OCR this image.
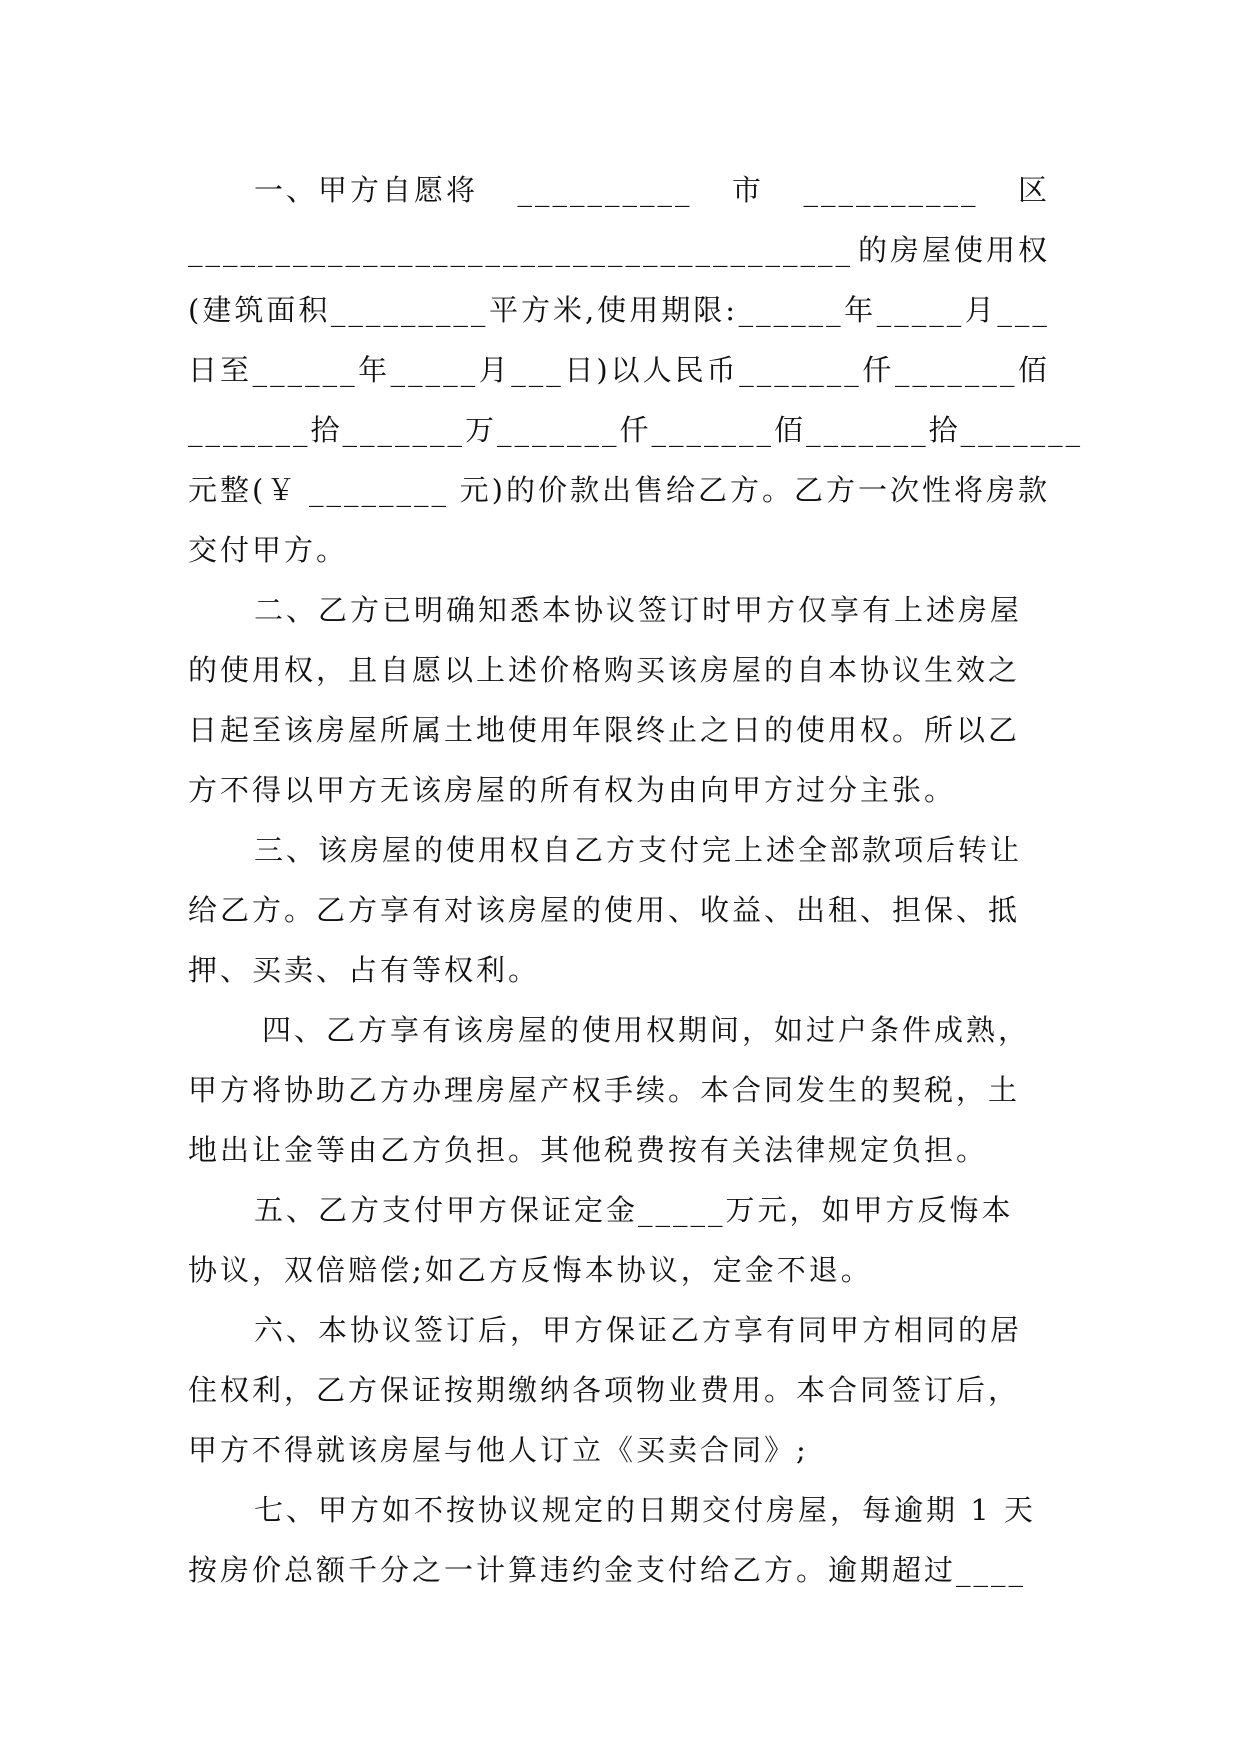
一、甲方自愿将 __________ 市 __________ 区
______________________________________ 的房屋使用权
(建筑面积 _________ 平方米,使用期限: ______ 年 _____ 月 ___
日至 ______ 年 _____ 月 ___ 日)以人民币 _______ 仟 _______ 佰
_______ 拾 _______ 万 _______ 仟 _______ 佰 _______ 拾 _______
元整(￥ ________ 元)的价款出售给乙方。乙方一次性将房款
交付甲方。
二、乙方已明确知悉本协议签订时甲方仅享有上述房屋
的使用权，且自愿以上述价格购买该房屋的自本协议生效之
日起至该房屋所属土地使用年限终止之日的使用权。所以乙
方不得以甲方无该房屋的所有权为由向甲方过分主张。
三、该房屋的使用权自乙方支付完上述全部款项后转让
给乙方。乙方享有对该房屋的使用、收益、出租、担保、抵
押、买卖、占有等权利。
四、乙方享有该房屋的使用权期间，如过户条件成熟，
甲方将协助乙方办理房屋产权手续。本合同发生的契税，土
地出让金等由乙方负担。其他税费按有关法律规定负担。
五、乙方支付甲方保证定金_____万元，如甲方反悔本
协议，双倍赔偿;如乙方反悔本协议，定金不退。
六、本协议签订后，甲方保证乙方享有同甲方相同的居
住权利，乙方保证按期缴纳各项物业费用。本合同签订后，
甲方不得就该房屋与他人订立《买卖合同》;
七、甲方如不按协议规定的日期交付房屋，每逾期 1 天
按房价总额千分之一计算违约金支付给乙方。逾期超过____
